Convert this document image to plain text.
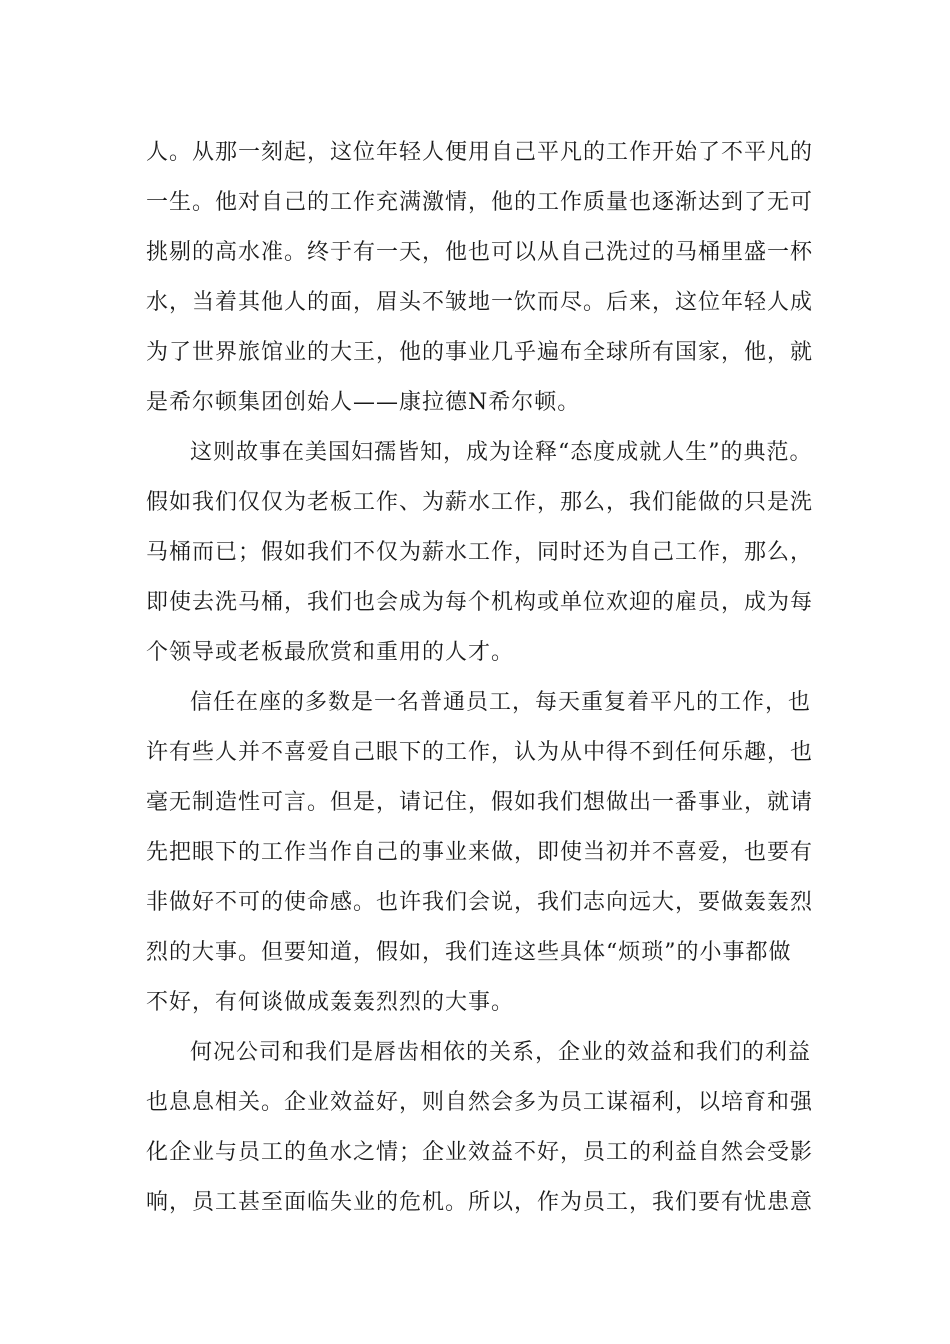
人。从那一刻起，这位年轻人便用自己平凡的工作开始了不平凡的
一生。他对自己的工作充满激情，他的工作质量也逐渐达到了无可
挑剔的高水准。终于有一天，他也可以从自己洗过的马桶里盛一杯
水，当着其他人的面，眉头不皱地一饮而尽。后来，这位年轻人成
为了世界旅馆业的大王，他的事业几乎遍布全球所有国家，他，就
是希尔顿集团创始人——康拉德N希尔顿。
这则故事在美国妇孺皆知，成为诠释“态度成就人生”的典范。
假如我们仅仅为老板工作、为薪水工作，那么，我们能做的只是洗
马桶而已；假如我们不仅为薪水工作，同时还为自己工作，那么，
即使去洗马桶，我们也会成为每个机构或单位欢迎的雇员，成为每
个领导或老板最欣赏和重用的人才。
信任在座的多数是一名普通员工，每天重复着平凡的工作，也
许有些人并不喜爱自己眼下的工作，认为从中得不到任何乐趣，也
毫无制造性可言。但是，请记住，假如我们想做出一番事业，就请
先把眼下的工作当作自己的事业来做，即使当初并不喜爱，也要有
非做好不可的使命感。也许我们会说，我们志向远大，要做轰轰烈
烈的大事。但要知道，假如，我们连这些具体“烦琐”的小事都做
不好，有何谈做成轰轰烈烈的大事。
何况公司和我们是唇齿相依的关系，企业的效益和我们的利益
也息息相关。企业效益好，则自然会多为员工谋福利，以培育和强
化企业与员工的鱼水之情；企业效益不好，员工的利益自然会受影
响，员工甚至面临失业的危机。所以，作为员工，我们要有忧患意
